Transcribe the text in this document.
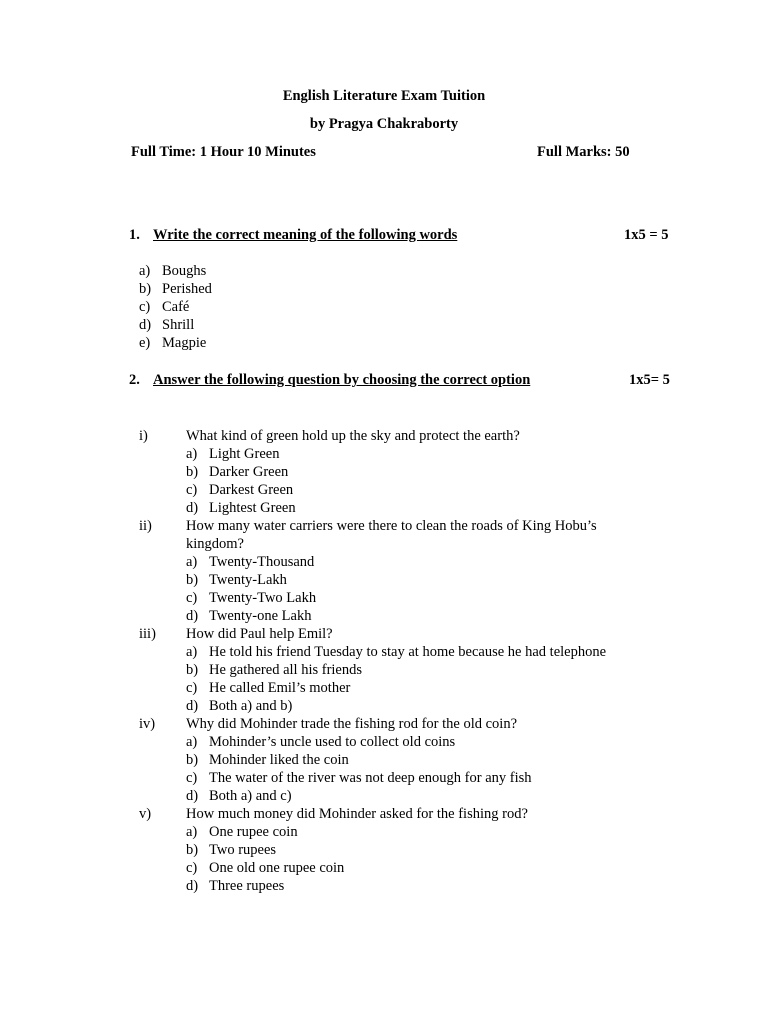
English Literature Exam Tuition
by Pragya Chakraborty
Full Time: 1 Hour 10 Minutes	Full Marks: 50
1. Write the correct meaning of the following words	1x5 = 5
a) Boughs
b) Perished
c) Café
d) Shrill
e) Magpie
2. Answer the following question by choosing the correct option	1x5= 5
i)	What kind of green hold up the sky and protect the earth?
a) Light Green
b) Darker Green
c) Darkest Green
d) Lightest Green
ii) How many water carriers were there to clean the roads of King Hobu’s kingdom?
a) Twenty-Thousand
b) Twenty-Lakh
c) Twenty-Two Lakh
d) Twenty-one Lakh
iii) How did Paul help Emil?
a) He told his friend Tuesday to stay at home because he had telephone
b) He gathered all his friends
c) He called Emil’s mother
d) Both a) and b)
iv) Why did Mohinder trade the fishing rod for the old coin?
a) Mohinder’s uncle used to collect old coins
b) Mohinder liked the coin
c) The water of the river was not deep enough for any fish
d) Both a) and c)
v) How much money did Mohinder asked for the fishing rod?
a) One rupee coin
b) Two rupees
c) One old one rupee coin
d) Three rupees
